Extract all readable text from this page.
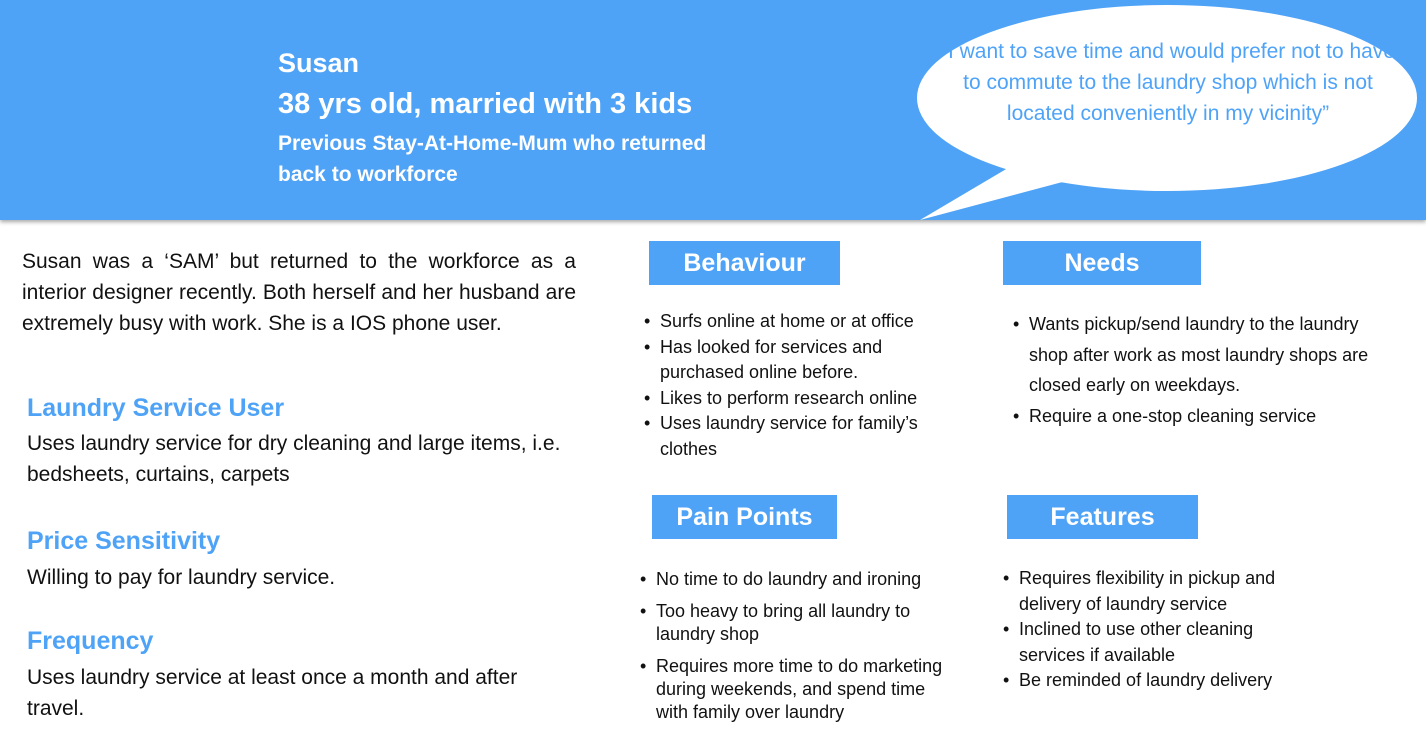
Susan
38 yrs old, married with 3 kids
Previous Stay-At-Home-Mum who returned back to workforce
“I want to save time and would prefer not to have to commute to the laundry shop which is not located conveniently in my vicinity”
Susan was a ‘SAM’ but returned to the workforce as a interior designer recently. Both herself and her husband are extremely busy with work. She is a IOS phone user.
Laundry Service User
Uses laundry service for dry cleaning and large items, i.e. bedsheets, curtains, carpets
Price Sensitivity
Willing to pay for laundry service.
Frequency
Uses laundry service at least once a month and after travel.
Behaviour
• Surfs online at home or at office
• Has looked for services and purchased online before.
• Likes to perform research online
• Uses laundry service for family’s clothes
Needs
• Wants pickup/send laundry to the laundry shop after work as most laundry shops are closed early on weekdays.
• Require a one-stop cleaning service
Pain Points
• No time to do laundry and ironing
• Too heavy to bring all laundry to laundry shop
• Requires more time to do marketing during weekends, and spend time with family over laundry
Features
• Requires flexibility in pickup and delivery of laundry service
• Inclined to use other cleaning services if available
• Be reminded of laundry delivery
